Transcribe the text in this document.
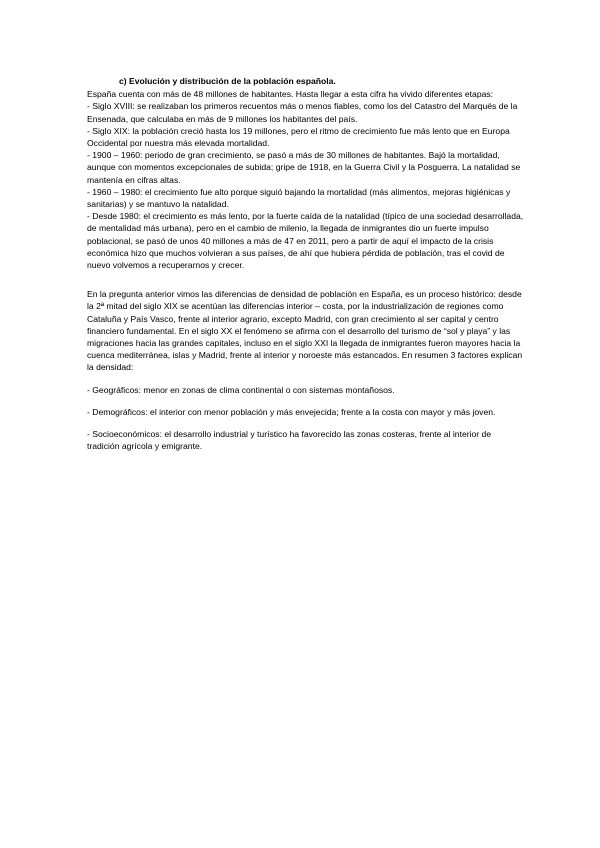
c) Evolución y distribución de la población española.

España cuenta con más de 48 millones de habitantes. Hasta llegar a esta cifra ha vivido diferentes etapas:

- Siglo XVIII: se realizaban los primeros recuentos más o menos fiables, como los del Catastro del Marqués de la Ensenada, que calculaba en más de 9 millones los habitantes del país.

- Siglo XIX: la población creció hasta los 19 millones, pero el ritmo de crecimiento fue más lento que en Europa Occidental por nuestra más elevada mortalidad.

- 1900 – 1960: periodo de gran crecimiento, se pasó a más de 30 millones de habitantes. Bajó la mortalidad, aunque con momentos excepcionales de subida; gripe de 1918, en la Guerra Civil y la Posguerra. La natalidad se mantenía en cifras altas.

- 1960 – 1980: el crecimiento fue alto porque siguió bajando la mortalidad (más alimentos, mejoras higiénicas y sanitarias) y se mantuvo la natalidad.

- Desde 1980: el crecimiento es más lento, por la fuerte caída de la natalidad (típico de una sociedad desarrollada, de mentalidad más urbana), pero en el cambio de milenio, la llegada de inmigrantes dio un fuerte impulso poblacional, se pasó de unos 40 millones a más de 47 en 2011, pero a partir de aquí el impacto de la crisis económica hizo que muchos volvieran a sus países, de ahí que hubiera pérdida de población, tras el covid de nuevo volvemos a recuperarnos y crecer.

En la pregunta anterior vimos las diferencias de densidad de población en España, es un proceso histórico: desde la 2ª mitad del siglo XIX se acentúan las diferencias interior – costa, por la industrialización de regiones como Cataluña y País Vasco, frente al interior agrario, excepto Madrid, con gran crecimiento al ser capital y centro financiero fundamental. En el siglo XX el fenómeno se afirma con el desarrollo del turismo de “sol y playa” y las migraciones hacia las grandes capitales, incluso en el siglo XXI la llegada de inmigrantes fueron mayores hacia la cuenca mediterránea, islas y Madrid, frente al interior y noroeste más estancados. En resumen 3 factores explican la densidad:

- Geográficos: menor en zonas de clima continental o con sistemas montañosos.

- Demográficos: el interior con menor población y más envejecida; frente a la costa con mayor y más joven.

- Socioeconómicos: el desarrollo industrial y turístico ha favorecido las zonas costeras, frente al interior de tradición agrícola y emigrante.
